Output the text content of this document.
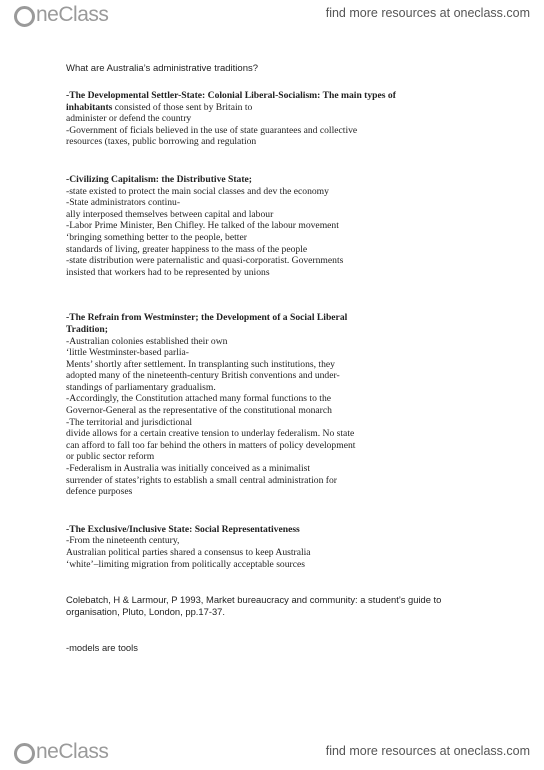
neClass	find more resources at oneclass.com
What are Australia’s administrative traditions?
-The Developmental Settler-State: Colonial Liberal-Socialism: The main types of
inhabitants consisted of those sent by Britain to
administer or defend the country
-Government of ficials believed in the use of state guarantees and collective
resources (taxes, public borrowing and regulation
-Civilizing Capitalism: the Distributive State;
-state existed to protect the main social classes and dev the economy
-State administrators continu-
ally interposed themselves between capital and labour
-Labor Prime Minister, Ben Chifley. He talked of the labour movement
‘bringing something better to the people, better
standards of living, greater happiness to the mass of the people
-state distribution were paternalistic and quasi-corporatist. Governments
insisted that workers had to be represented by unions
-The Refrain from Westminster; the Development of a Social Liberal
Tradition;
-Australian colonies established their own
‘little Westminster-based parlia-
Ments’ shortly after settlement. In transplanting such institutions, they
adopted many of the nineteenth-century British conventions and under-
standings of parliamentary gradualism.
-Accordingly, the Constitution attached many formal functions to the
Governor-General as the representative of the constitutional monarch
-The territorial and jurisdictional
divide allows for a certain creative tension to underlay federalism. No state
can afford to fall too far behind the others in matters of policy development
or public sector reform
-Federalism in Australia was initially conceived as a minimalist
surrender of states’rights to establish a small central administration for
defence purposes
-The Exclusive/Inclusive State: Social Representativeness
-From the nineteenth century,
Australian political parties shared a consensus to keep Australia
‘white’–limiting migration from politically acceptable sources
Colebatch, H & Larmour, P 1993, Market bureaucracy and community: a student’s guide to
organisation, Pluto, London, pp.17-37.
-models are tools
neClass	find more resources at oneclass.com
